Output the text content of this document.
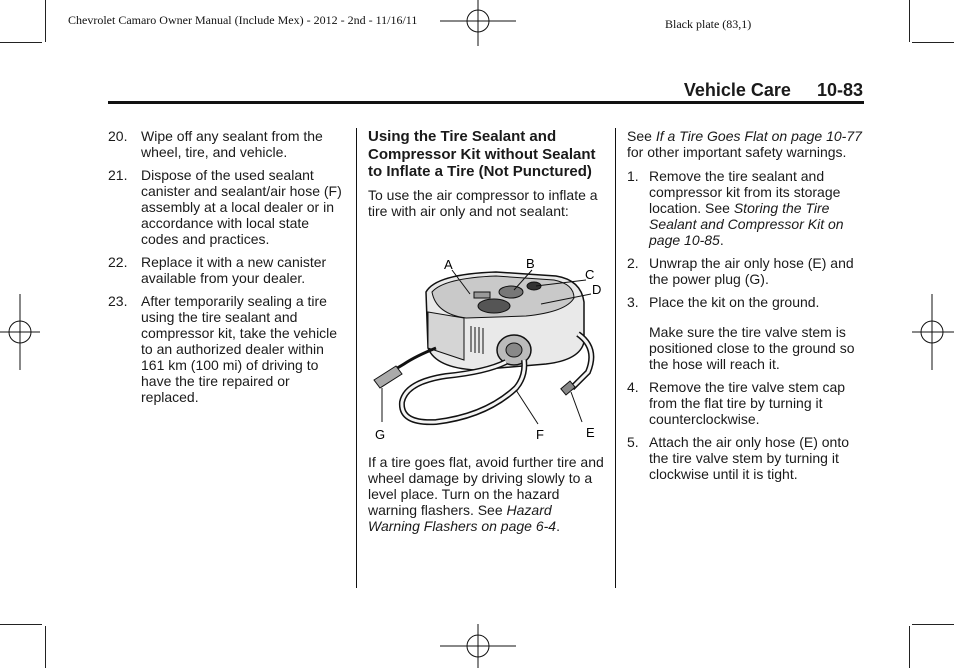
Chevrolet Camaro Owner Manual (Include Mex) - 2012 - 2nd - 11/16/11	Black plate (83,1)
Vehicle Care 10-83
20. Wipe off any sealant from the wheel, tire, and vehicle.
21. Dispose of the used sealant canister and sealant/air hose (F) assembly at a local dealer or in accordance with local state codes and practices.
22. Replace it with a new canister available from your dealer.
23. After temporarily sealing a tire using the tire sealant and compressor kit, take the vehicle to an authorized dealer within 161 km (100 mi) of driving to have the tire repaired or replaced.
Using the Tire Sealant and Compressor Kit without Sealant to Inflate a Tire (Not Punctured)

To use the air compressor to inflate a tire with air only and not sealant:

A	B
C
D
E
F
G

If a tire goes flat, avoid further tire and wheel damage by driving slowly to a level place. Turn on the hazard warning flashers. See Hazard Warning Flashers on page 6-4.

See If a Tire Goes Flat on page 10-77 for other important safety warnings.

1. Remove the tire sealant and compressor kit from its storage location. See Storing the Tire Sealant and Compressor Kit on page 10-85.
2. Unwrap the air only hose (E) and the power plug (G).
3. Place the kit on the ground.

Make sure the tire valve stem is positioned close to the ground so the hose will reach it.

4. Remove the tire valve stem cap from the flat tire by turning it counterclockwise.
5. Attach the air only hose (E) onto the tire valve stem by turning it clockwise until it is tight.
